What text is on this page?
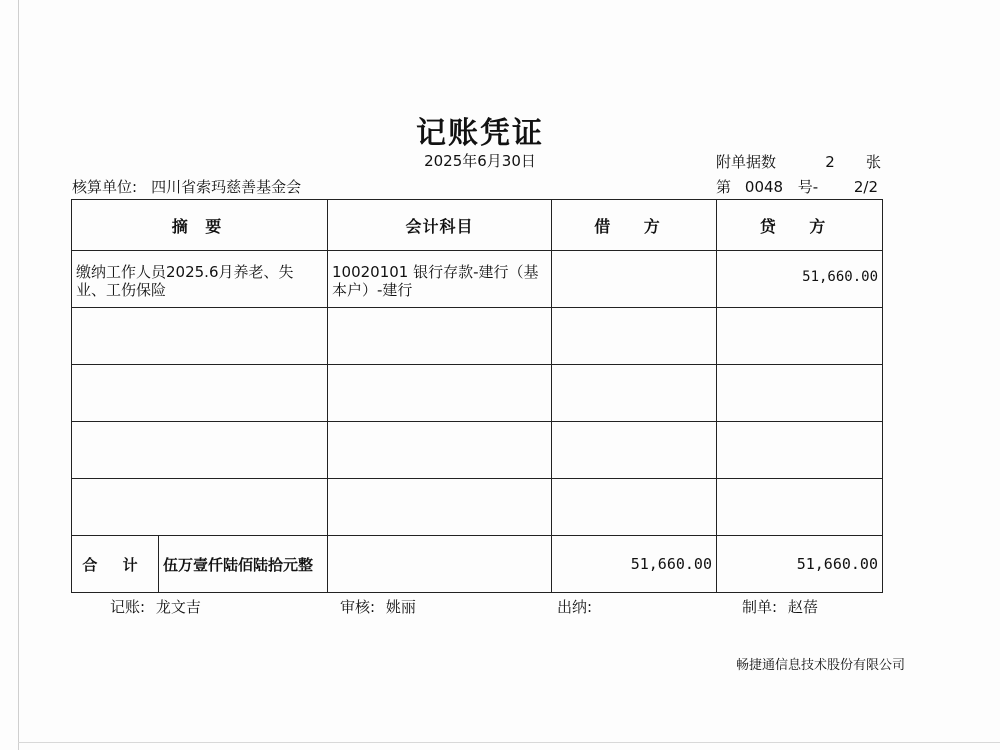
记账凭证
2025年6月30日
核算单位: 四川省索玛慈善基金会
附单据数	2 张
第 0048 号- 2/2
摘 要	会计科目	借 方	贷 方

缴纳工作人员2025.6月养老、失业、工伤保险	10020101 银行存款-建行（基本户）-建行		51,660.00

合 计 伍万壹仟陆佰陆拾元整		51,660.00	51,660.00
记账: 龙文吉	审核: 姚丽	出纳:	制单: 赵蓓
畅捷通信息技术股份有限公司
